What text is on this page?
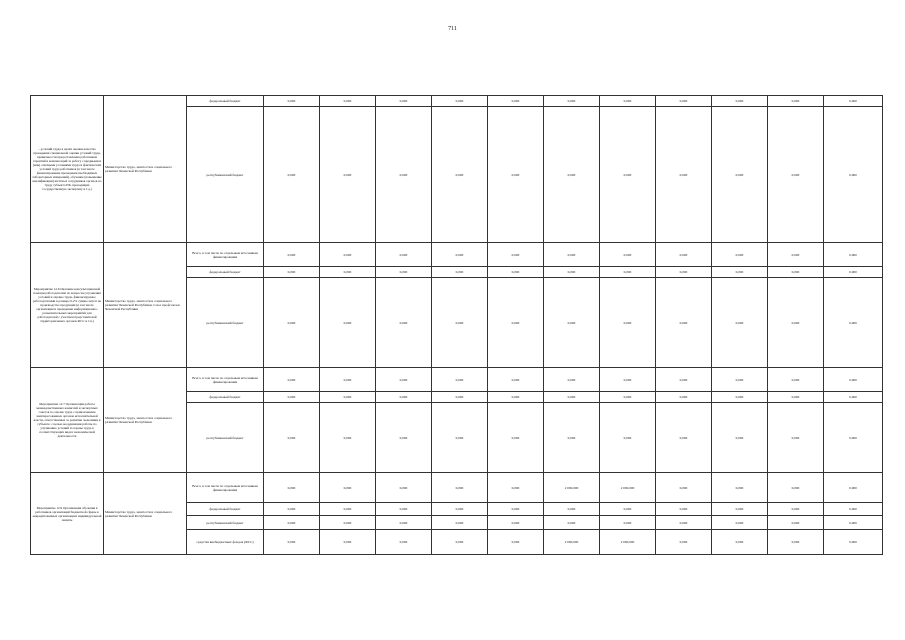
711
...условий труда в целях оценки качества проведения специальной оценки условий труда, правильности предоставления работникам гарантий и компенсаций за работу с вредными и (или) опасными условиями труда и фактических условий труда работников (в том числе финансирование проведения необходимых лабораторных измерений), обучение (повышение квалификации) штатных сотрудников органов по труду субъекта РФ, проводящих государственную экспертизу и т.д.)	Министерство труда, занятости и социального развития Чеченской Республики	федеральный бюджет	0,000	0,000	0,000	0,000	0,000	0,000	0,000	0,000	0,000	0,000	0,000
		республиканский бюджет	0,000	0,000	0,000	0,000	0,000	0,000	0,000	0,000	0,000	0,000	0,000
Мероприятие 12.6 Оказание консультационной помощи работодателям по вопросам улучшения условий и охраны труда, финансируемое работодателями в размере 0,2% суммы затрат на производство продукции (в том числе организация и проведение информационно-разъяснительных мероприятий для работодателей с участием представителей территориальных органов ФСС и т.п.)	Министерство труда, занятости и социального развития Чеченской Республики, Союз профсоюзов Чеченской Республики	Всего, в том числе по отдельным источникам финансирования	0,000	0,000	0,000	0,000	0,000	0,000	0,000	0,000	0,000	0,000	0,000
		федеральный бюджет	0,000	0,000	0,000	0,000	0,000	0,000	0,000	0,000	0,000	0,000	0,000
		республиканский бюджет	0,000	0,000	0,000	0,000	0,000	0,000	0,000	0,000	0,000	0,000	0,000
Мероприятие 12.7 Организация работы межведомственных комиссий и экспертных советов по охране труда с привлечением заинтересованных органов исполнительной власти, ответственных за развитие экономики в субъекте, с целью координации работы по улучшению условий и охраны труда в соответствующих видах экономической деятельности	Министерство труда, занятости и социального развития Чеченской Республики	Всего, в том числе по отдельным источникам финансирования	0,000	0,000	0,000	0,000	0,000	0,000	0,000	0,000	0,000	0,000	0,000
		федеральный бюджет	0,000	0,000	0,000	0,000	0,000	0,000	0,000	0,000	0,000	0,000	0,000
		республиканский бюджет	0,000	0,000	0,000	0,000	0,000	0,000	0,000	0,000	0,000	0,000	0,000
Мероприятие 12.9 Организация обучения в работников организаций бюджетной сферы в аккредитованных организациях индивидуальной защиты	Министерство труда, занятости и социального развития Чеченской Республики	Всего, в том числе по отдельным источникам финансирования	0,000	0,000	0,000	0,000	0,000	2 000,000	2 000,000	0,000	0,000	0,000	0,000
		федеральный бюджет	0,000	0,000	0,000	0,000	0,000	0,000	0,000	0,000	0,000	0,000	0,000
		республиканский бюджет	0,000	0,000	0,000	0,000	0,000	0,000	0,000	0,000	0,000	0,000	0,000
		средства внебюджетных фондов (ФСС)	0,000	0,000	0,000	0,000	0,000	2 000,000	2 000,000	0,000	0,000	0,000	0,000
